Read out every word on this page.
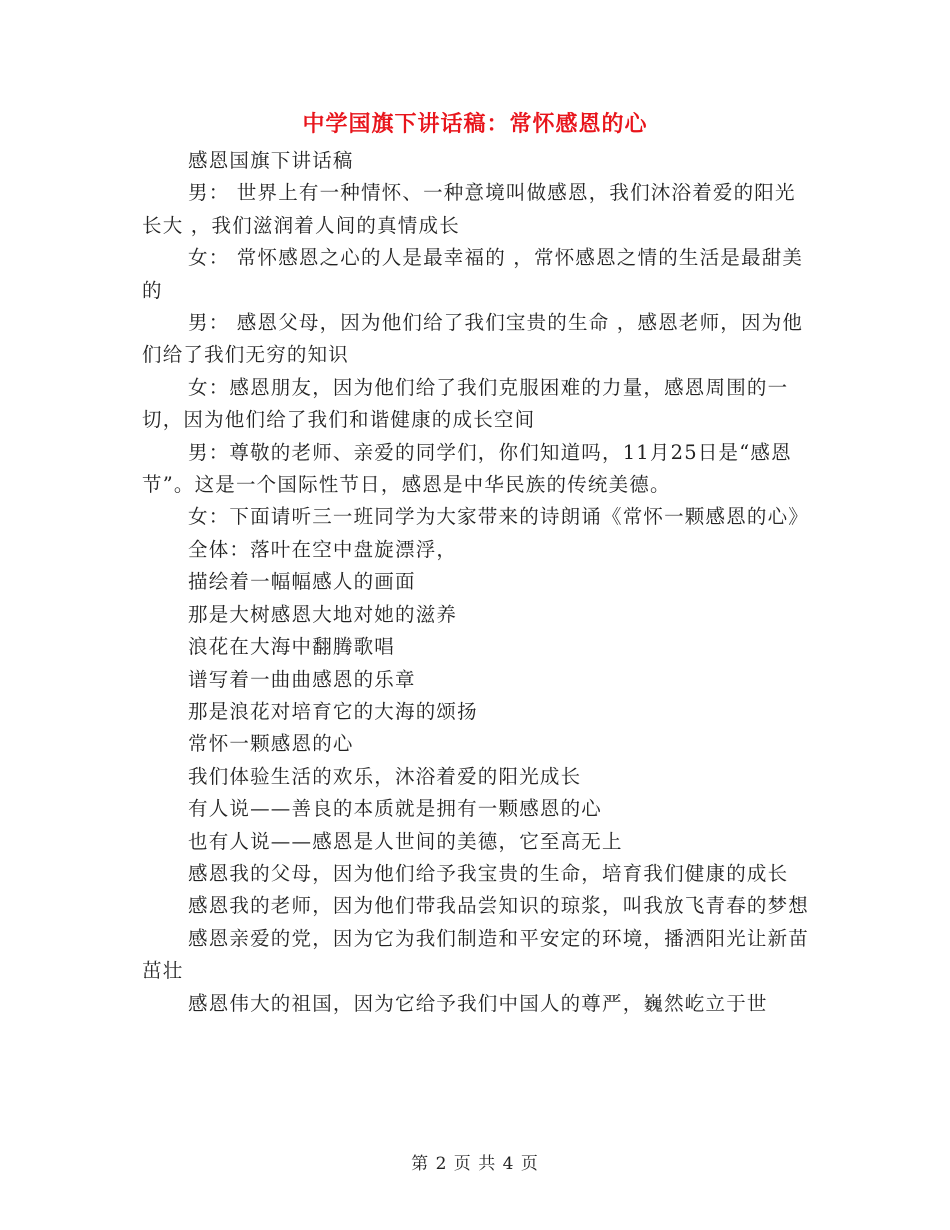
中学国旗下讲话稿：常怀感恩的心

感恩国旗下讲话稿

男： 世界上有一种情怀、一种意境叫做感恩，我们沐浴着爱的阳光长大 ，我们滋润着人间的真情成长

女： 常怀感恩之心的人是最幸福的 ，常怀感恩之情的生活是最甜美的

男： 感恩父母，因为他们给了我们宝贵的生命 ，感恩老师，因为他们给了我们无穷的知识

女：感恩朋友，因为他们给了我们克服困难的力量，感恩周围的一切，因为他们给了我们和谐健康的成长空间

男：尊敬的老师、亲爱的同学们，你们知道吗，11月25日是“感恩节”。这是一个国际性节日，感恩是中华民族的传统美德。

女：下面请听三一班同学为大家带来的诗朗诵《常怀一颗感恩的心》

全体：落叶在空中盘旋漂浮，

描绘着一幅幅感人的画面

那是大树感恩大地对她的滋养

浪花在大海中翻腾歌唱

谱写着一曲曲感恩的乐章

那是浪花对培育它的大海的颂扬

常怀一颗感恩的心

我们体验生活的欢乐，沐浴着爱的阳光成长

有人说——善良的本质就是拥有一颗感恩的心

也有人说——感恩是人世间的美德，它至高无上

感恩我的父母，因为他们给予我宝贵的生命，培育我们健康的成长

感恩我的老师，因为他们带我品尝知识的琼浆，叫我放飞青春的梦想

感恩亲爱的党，因为它为我们制造和平安定的环境，播洒阳光让新苗茁壮

感恩伟大的祖国，因为它给予我们中国人的尊严，巍然屹立于世

第 2 页 共 4 页
